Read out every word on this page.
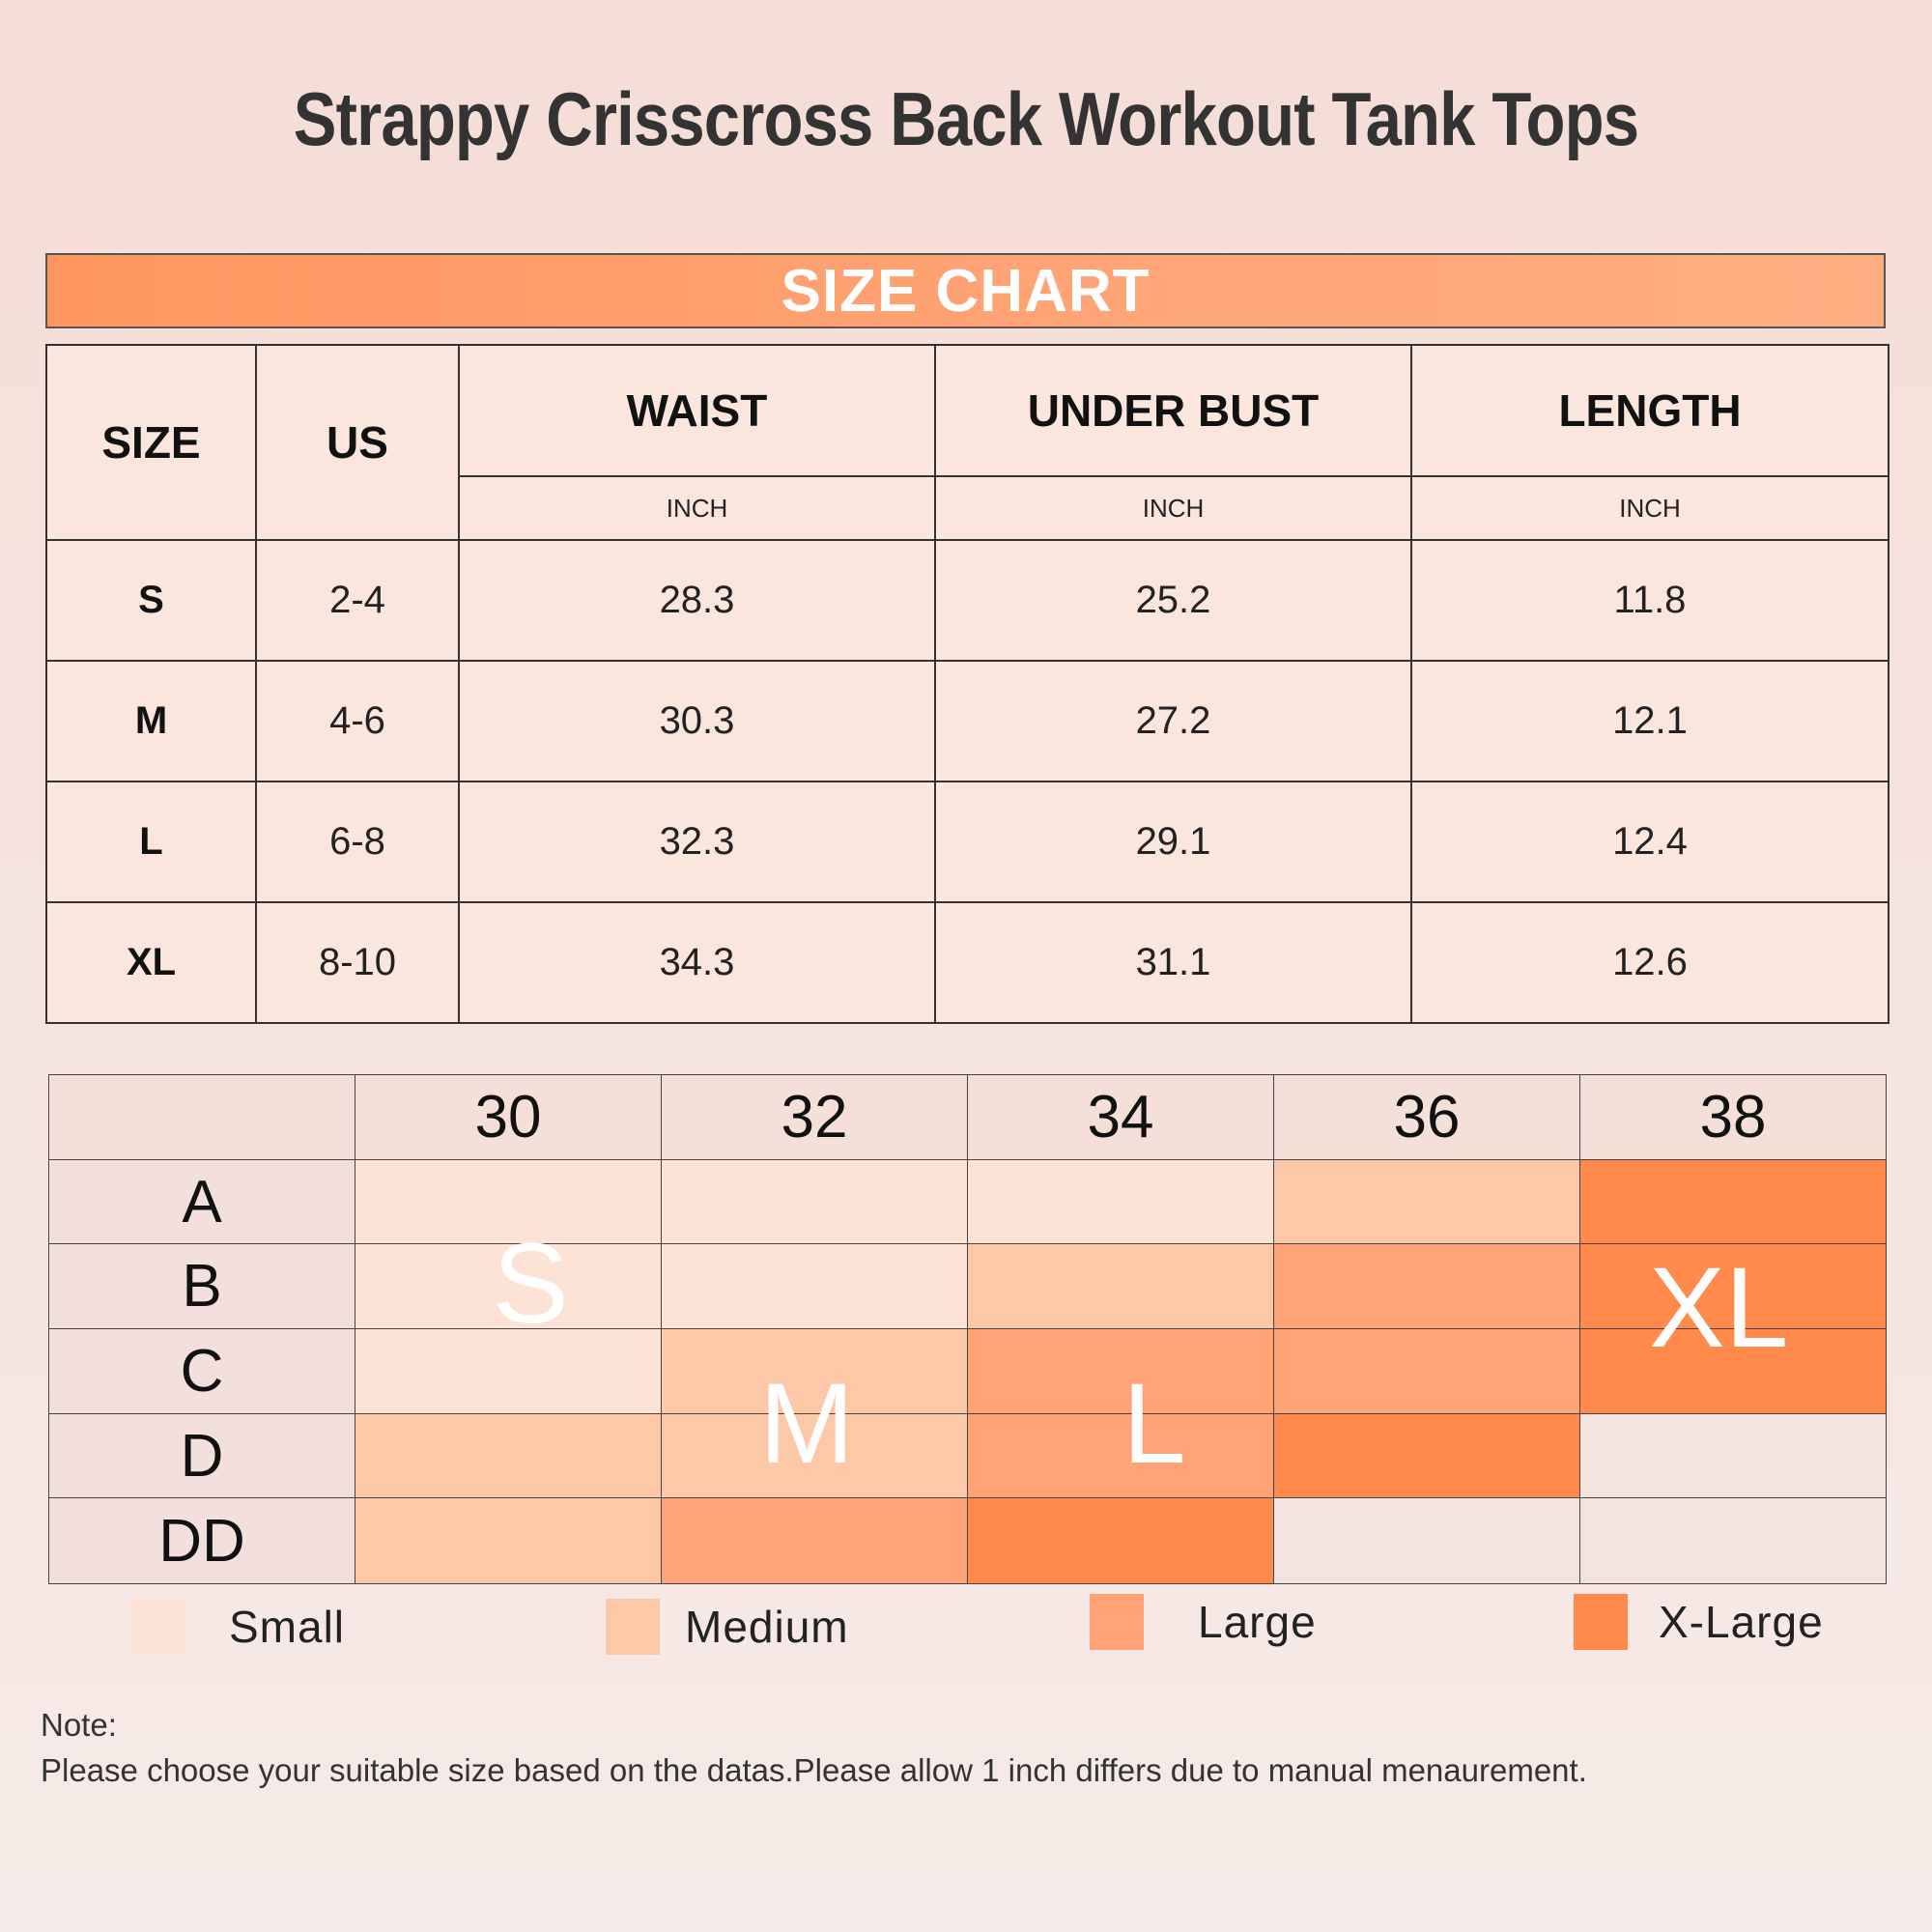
Strappy Crisscross Back Workout Tank Tops
SIZE CHART
SIZE	US	WAIST	UNDER BUST	LENGTH
		INCH	INCH	INCH
S	2-4	28.3	25.2	11.8
M	4-6	30.3	27.2	12.1
L	6-8	32.3	29.1	12.4
XL	8-10	34.3	31.1	12.6
	30	32	34	36	38
A					
B					
C					
D					
DD					
S
M L
XL
Small	Medium	Large	X-Large
Note:
Please choose your suitable size based on the datas.Please allow 1 inch differs due to manual menaurement.
